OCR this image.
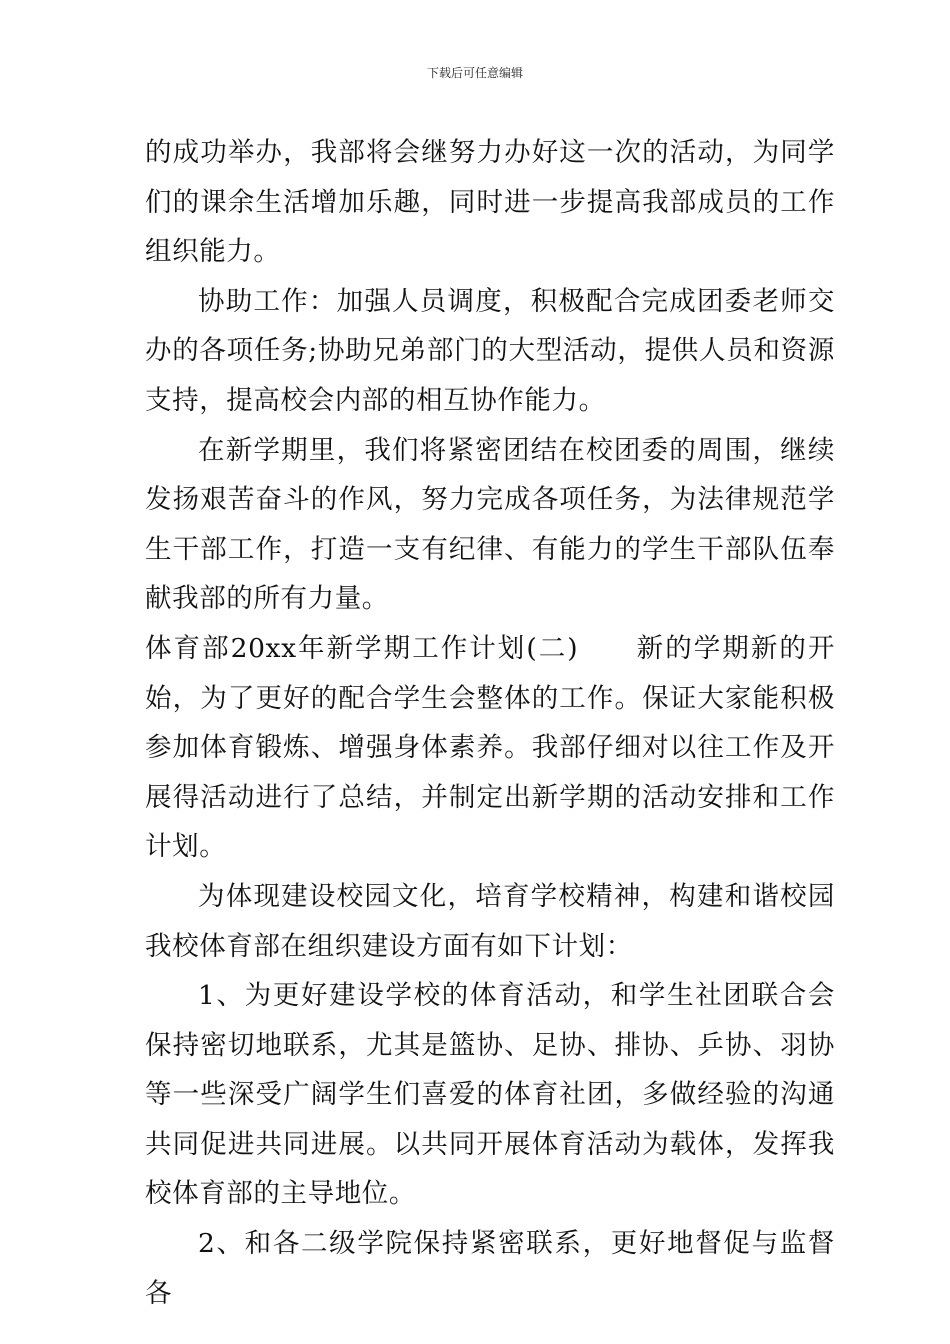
下载后可任意编辑

的成功举办，我部将会继努力办好这一次的活动，为同学们的课余生活增加乐趣，同时进一步提高我部成员的工作组织能力。

协助工作：加强人员调度，积极配合完成团委老师交办的各项任务;协助兄弟部门的大型活动，提供人员和资源支持，提高校会内部的相互协作能力。

在新学期里，我们将紧密团结在校团委的周围，继续发扬艰苦奋斗的作风，努力完成各项任务，为法律规范学生干部工作，打造一支有纪律、有能力的学生干部队伍奉献我部的所有力量。

体育部20xx年新学期工作计划(二)　　新的学期新的开始，为了更好的配合学生会整体的工作。保证大家能积极参加体育锻炼、增强身体素养。我部仔细对以往工作及开展得活动进行了总结，并制定出新学期的活动安排和工作计划。

为体现建设校园文化，培育学校精神，构建和谐校园我校体育部在组织建设方面有如下计划：

1、为更好建设学校的体育活动，和学生社团联合会保持密切地联系，尤其是篮协、足协、排协、乒协、羽协等一些深受广阔学生们喜爱的体育社团，多做经验的沟通共同促进共同进展。以共同开展体育活动为载体，发挥我校体育部的主导地位。

2、和各二级学院保持紧密联系，更好地督促与监督各
